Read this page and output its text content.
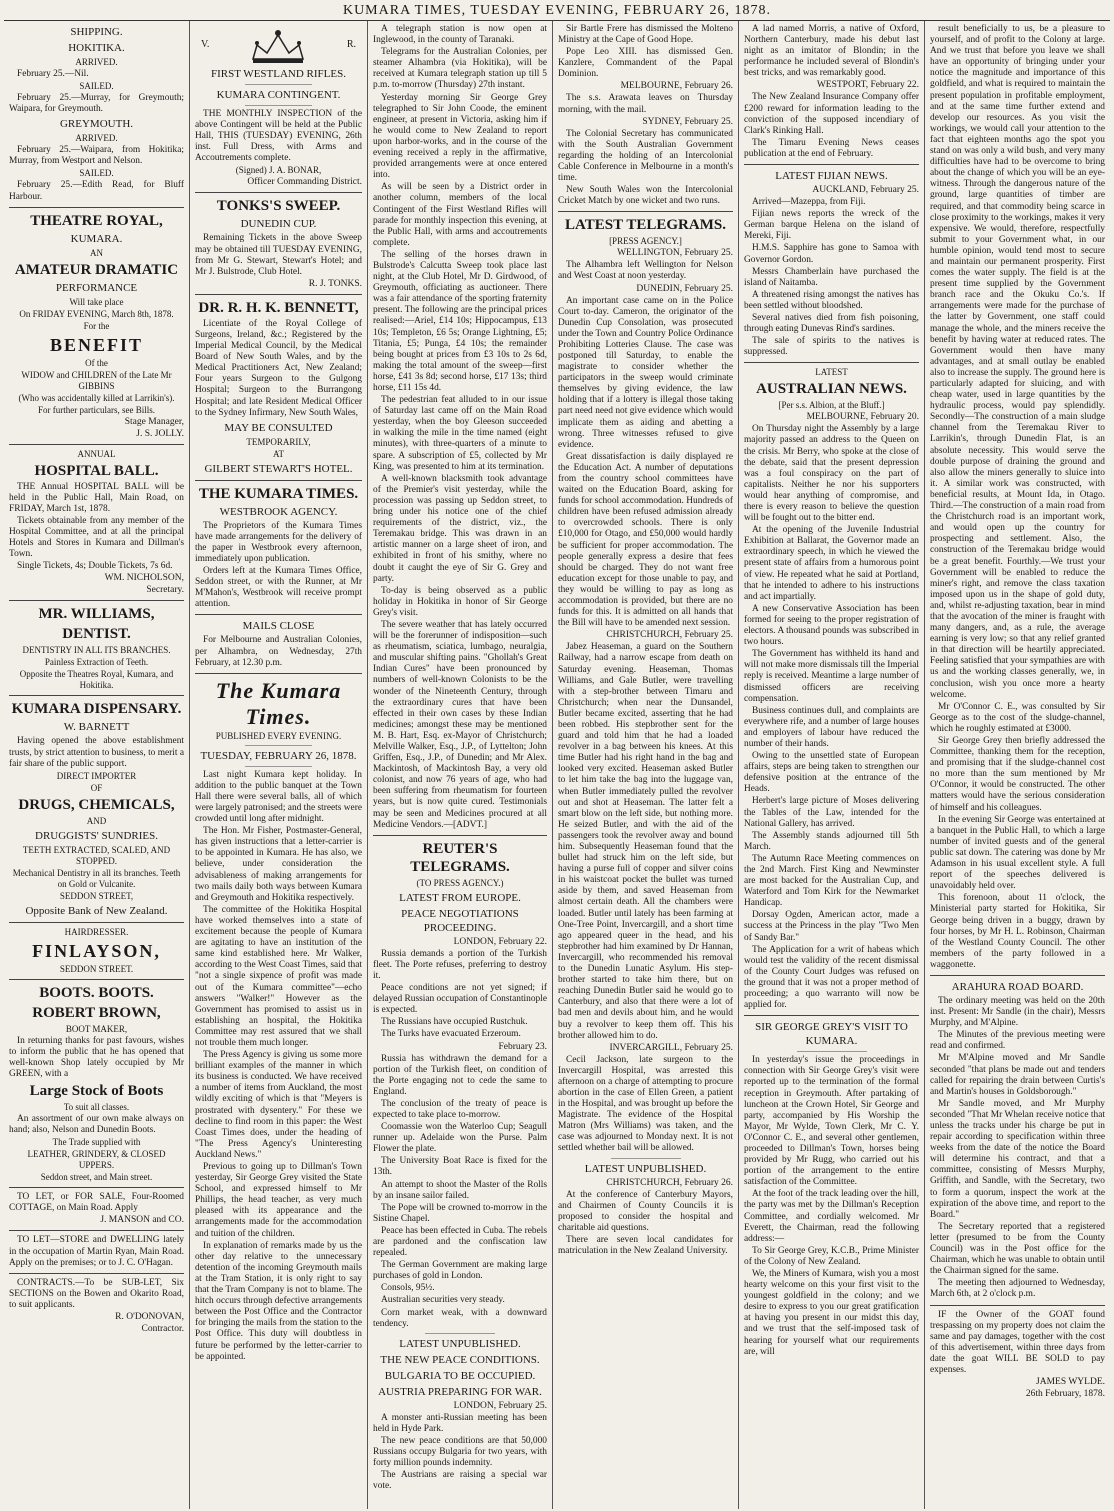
KUMARA TIMES, TUESDAY EVENING, FEBRUARY 26, 1878.
SHIPPING.
HOKITIKA.
ARRIVED.
February 25.—Nil.
SAILED.
February 25.—Murray, for Greymouth; Waipara, for Greymouth.
GREYMOUTH.
ARRIVED.
February 25.—Waipara, from Hokitika; Murray, from Westport and Nelson.
SAILED.
February 25.—Edith Read, for Bluff Harbour.
THEATRE ROYAL,
KUMARA.
AN
AMATEUR DRAMATIC
PERFORMANCE
Will take place
On FRIDAY EVENING, March 8th, 1878.
For the
BENEFIT
Of the
WIDOW and CHILDREN of the Late Mr GIBBINS
(Who was accidentally killed at Larrikin's).
For further particulars, see Bills.
Stage Manager,
J. S. JOLLY.
ANNUAL
HOSPITAL BALL.
THE Annual HOSPITAL BALL will be held in the Public Hall, Main Road, on FRIDAY, March 1st, 1878.
Tickets obtainable from any member of the Hospital Committee, and at all the principal Hotels and Stores in Kumara and Dillman's Town.
Single Tickets, 4s; Double Tickets, 7s 6d.
WM. NICHOLSON,
Secretary.
MR. WILLIAMS,
DENTIST.
DENTISTRY IN ALL ITS BRANCHES.
Painless Extraction of Teeth.
Opposite the Theatres Royal, Kumara, and Hokitika.
KUMARA DISPENSARY.
W. BARNETT
Having opened the above establishment trusts, by strict attention to business, to merit a fair share of the public support.
DIRECT IMPORTER
OF
DRUGS, CHEMICALS,
AND
DRUGGISTS' SUNDRIES.
TEETH EXTRACTED, SCALED, AND STOPPED.
Mechanical Dentistry in all its branches. Teeth on Gold or Vulcanite.
SEDDON STREET,
Opposite Bank of New Zealand.
HAIRDRESSER.
FINLAYSON,
SEDDON STREET.
BOOTS. BOOTS.
ROBERT BROWN,
BOOT MAKER,
In returning thanks for past favours, wishes to inform the public that he has opened that well-known Shop lately occupied by Mr GREEN, with a
Large Stock of Boots
To suit all classes.
An assortment of our own make always on hand; also, Nelson and Dunedin Boots.
The Trade supplied with
LEATHER, GRINDERY, & CLOSED UPPERS.
Seddon street, and Main street.
TO LET, or FOR SALE, Four-Roomed COTTAGE, on Main Road. Apply
J. MANSON and CO.
TO LET—STORE and DWELLING lately in the occupation of Martin Ryan, Main Road. Apply on the premises; or to J. C. O'Hagan.
CONTRACTS.—To be SUB-LET, Six SECTIONS on the Bowen and Okarito Road, to suit applicants.
R. O'DONOVAN,
Contractor.
V.	R.
FIRST WESTLAND RIFLES.
KUMARA CONTINGENT.
THE MONTHLY INSPECTION of the above Contingent will be held at the Public Hall, THIS (TUESDAY) EVENING, 26th inst. Full Dress, with Arms and Accoutrements complete.
(Signed) J. A. BONAR,
Officer Commanding District.
TONKS'S SWEEP.
DUNEDIN CUP.
Remaining Tickets in the above Sweep may be obtained till TUESDAY EVENING, from Mr G. Stewart, Stewart's Hotel; and Mr J. Bulstrode, Club Hotel.
R. J. TONKS.
DR. R. H. K. BENNETT,
Licentiate of the Royal College of Surgeons, Ireland, &c.; Registered by the Imperial Medical Council, by the Medical Board of New South Wales, and by the Medical Practitioners Act, New Zealand; Four years Surgeon to the Gulgong Hospital; Surgeon to the Burrangong Hospital; and late Resident Medical Officer to the Sydney Infirmary, New South Wales,
MAY BE CONSULTED
TEMPORARILY,
AT
GILBERT STEWART'S HOTEL.
THE KUMARA TIMES.
WESTBROOK AGENCY.
The Proprietors of the Kumara Times have made arrangements for the delivery of the paper in Westbrook every afternoon, immediately upon publication.
Orders left at the Kumara Times Office, Seddon street, or with the Runner, at Mr M'Mahon's, Westbrook will receive prompt attention.
MAILS CLOSE
For Melbourne and Australian Colonies, per Alhambra, on Wednesday, 27th February, at 12.30 p.m.
The Kumara Times.
PUBLISHED EVERY EVENING.
TUESDAY, FEBRUARY 26, 1878.
Last night Kumara kept holiday. In addition to the public banquet at the Town Hall there were several balls, all of which were largely patronised; and the streets were crowded until long after midnight.
The Hon. Mr Fisher, Postmaster-General, has given instructions that a letter-carrier is to be appointed in Kumara. He has also, we believe, under consideration the advisableness of making arrangements for two mails daily both ways between Kumara and Greymouth and Hokitika respectively.
The committee of the Hokitika Hospital have worked themselves into a state of excitement because the people of Kumara are agitating to have an institution of the same kind established here. Mr Walker, according to the West Coast Times, said that "not a single sixpence of profit was made out of the Kumara committee"—echo answers "Walker!" However as the Government has promised to assist us in establishing an hospital, the Hokitika Committee may rest assured that we shall not trouble them much longer.
The Press Agency is giving us some more brilliant examples of the manner in which its business is conducted. We have received a number of items from Auckland, the most wildly exciting of which is that "Meyers is prostrated with dysentery." For these we decline to find room in this paper: the West Coast Times does, under the heading of "The Press Agency's Uninteresting Auckland News."
Previous to going up to Dillman's Town yesterday, Sir George Grey visited the State School, and expressed himself to Mr Phillips, the head teacher, as very much pleased with its appearance and the arrangements made for the accommodation and tuition of the children.
In explanation of remarks made by us the other day relative to the unnecessary detention of the incoming Greymouth mails at the Tram Station, it is only right to say that the Tram Company is not to blame. The hitch occurs through defective arrangements between the Post Office and the Contractor for bringing the mails from the station to the Post Office. This duty will doubtless in future be performed by the letter-carrier to be appointed.
A telegraph station is now open at Inglewood, in the county of Taranaki.
Telegrams for the Australian Colonies, per steamer Alhambra (via Hokitika), will be received at Kumara telegraph station up till 5 p.m. to-morrow (Thursday) 27th instant.
Yesterday morning Sir George Grey telegraphed to Sir John Coode, the eminent engineer, at present in Victoria, asking him if he would come to New Zealand to report upon harbor-works, and in the course of the evening received a reply in the affirmative, provided arrangements were at once entered into.
As will be seen by a District order in another column, members of the local Contingent of the First Westland Rifles will parade for monthly inspection this evening, at the Public Hall, with arms and accoutrements complete.
The selling of the horses drawn in Bulstrode's Calcutta Sweep took place last night, at the Club Hotel, Mr D. Girdwood, of Greymouth, officiating as auctioneer. There was a fair attendance of the sporting fraternity present. The following are the principal prices realised:—Ariel, £14 10s; Hippocampus, £13 10s; Templeton, £6 5s; Orange Lightning, £5; Titania, £5; Punga, £4 10s; the remainder being bought at prices from £3 10s to 2s 6d, making the total amount of the sweep—first horse, £41 3s 8d; second horse, £17 13s; third horse, £11 15s 4d.
The pedestrian feat alluded to in our issue of Saturday last came off on the Main Road yesterday, when the boy Gleeson succeeded in walking the mile in the time named (eight minutes), with three-quarters of a minute to spare. A subscription of £5, collected by Mr King, was presented to him at its termination.
A well-known blacksmith took advantage of the Premier's visit yesterday, while the procession was passing up Seddon street, to bring under his notice one of the chief requirements of the district, viz., the Teremakau bridge. This was drawn in an artistic manner on a large sheet of iron, and exhibited in front of his smithy, where no doubt it caught the eye of Sir G. Grey and party.
To-day is being observed as a public holiday in Hokitika in honor of Sir George Grey's visit.
The severe weather that has lately occurred will be the forerunner of indisposition—such as rheumatism, sciatica, lumbago, neuralgia, and muscular shifting pains. "Ghollah's Great Indian Cures" have been pronounced by numbers of well-known Colonists to be the wonder of the Nineteenth Century, through the extraordinary cures that have been effected in their own cases by these Indian medicines; amongst these may be mentioned M. B. Hart, Esq. ex-Mayor of Christchurch; Melville Walker, Esq., J.P., of Lyttelton; John Griffen, Esq., J.P., of Dunedin; and Mr Alex. Mackintosh, of Mackintosh Bay, a very old colonist, and now 76 years of age, who had been suffering from rheumatism for fourteen years, but is now quite cured. Testimonials may be seen and Medicines procured at all Medicine Vendors.—[ADVT.]
REUTER'S TELEGRAMS.
(TO PRESS AGENCY.)
LATEST FROM EUROPE.
PEACE NEGOTIATIONS PROCEEDING.
LONDON, February 22.
Russia demands a portion of the Turkish fleet. The Porte refuses, preferring to destroy it.
Peace conditions are not yet signed; if delayed Russian occupation of Constantinople is expected.
The Russians have occupied Rustchuk.
The Turks have evacuated Erzeroum.
February 23.
Russia has withdrawn the demand for a portion of the Turkish fleet, on condition of the Porte engaging not to cede the same to England.
The conclusion of the treaty of peace is expected to take place to-morrow.
Coomassie won the Waterloo Cup; Seagull runner up. Adelaide won the Purse. Palm Flower the plate.
The University Boat Race is fixed for the 13th.
An attempt to shoot the Master of the Rolls by an insane sailor failed.
The Pope will be crowned to-morrow in the Sistine Chapel.
Peace has been effected in Cuba. The rebels are pardoned and the confiscation law repealed.
The German Government are making large purchases of gold in London.
Consols, 95½.
Australian securities very steady.
Corn market weak, with a downward tendency.
LATEST UNPUBLISHED.
THE NEW PEACE CONDITIONS.
BULGARIA TO BE OCCUPIED.
AUSTRIA PREPARING FOR WAR.
LONDON, February 25.
A monster anti-Russian meeting has been held in Hyde Park.
The new peace conditions are that 50,000 Russians occupy Bulgaria for two years, with forty million pounds indemnity.
The Austrians are raising a special war vote.
Sir Bartle Frere has dismissed the Molteno Ministry at the Cape of Good Hope.
Pope Leo XIII. has dismissed Gen. Kanzlere, Commandent of the Papal Dominion.
MELBOURNE, February 26.
The s.s. Arawata leaves on Thursday morning, with the mail.
SYDNEY, February 25.
The Colonial Secretary has communicated with the South Australian Government regarding the holding of an Intercolonial Cable Conference in Melbourne in a month's time.
New South Wales won the Intercolonial Cricket Match by one wicket and two runs.
LATEST TELEGRAMS.
[PRESS AGENCY.]
WELLINGTON, February 25.
The Alhambra left Wellington for Nelson and West Coast at noon yesterday.
DUNEDIN, February 25.
An important case came on in the Police Court to-day. Cameron, the originator of the Dunedin Cup Consolation, was prosecuted under the Town and Country Police Ordinance Prohibiting Lotteries Clause. The case was postponed till Saturday, to enable the magistrate to consider whether the participators in the sweep would criminate themselves by giving evidence, the law holding that if a lottery is illegal those taking part need need not give evidence which would implicate them as aiding and abetting a wrong. Three witnesses refused to give evidence.
Great dissatisfaction is daily displayed re the Education Act. A number of deputations from the country school committees have waited on the Education Board, asking for funds for school accommodation. Hundreds of children have been refused admission already to overcrowded schools. There is only £10,000 for Otago, and £50,000 would hardly be sufficient for proper accommodation. The people generally express a desire that fees should be charged. They do not want free education except for those unable to pay, and they would be willing to pay as long as accommodation is provided, but there are no funds for this. It is admitted on all hands that the Bill will have to be amended next session.
CHRISTCHURCH, February 25.
Jabez Heaseman, a guard on the Southern Railway, had a narrow escape from death on Saturday evening. Heaseman, Thomas Williams, and Gale Butler, were travelling with a step-brother between Timaru and Christchurch; when near the Dunsandel, Butler became excited, asserting that he had been robbed. His stepbrother sent for the guard and told him that he had a loaded revolver in a bag between his knees. At this time Butler had his right hand in the bag and looked very excited. Heaseman asked Butler to let him take the bag into the luggage van, when Butler immediately pulled the revolver out and shot at Heaseman. The latter felt a smart blow on the left side, but nothing more. He seized Butler, and with the aid of the passengers took the revolver away and bound him. Subsequently Heaseman found that the bullet had struck him on the left side, but having a purse full of copper and silver coins in his waistcoat pocket the bullet was turned aside by them, and saved Heaseman from almost certain death. All the chambers were loaded. Butler until lately has been farming at One-Tree Point, Invercargill, and a short time ago appeared queer in the head, and his stepbrother had him examined by Dr Hannan, Invercargill, who recommended his removal to the Dunedin Lunatic Asylum. His step-brother started to take him there, but on reaching Dunedin Butler said he would go to Canterbury, and also that there were a lot of bad men and devils about him, and he would buy a revolver to keep them off. This his brother allowed him to do.
INVERCARGILL, February 25.
Cecil Jackson, late surgeon to the Invercargill Hospital, was arrested this afternoon on a charge of attempting to procure abortion in the case of Ellen Green, a patient in the Hospital, and was brought up before the Magistrate. The evidence of the Hospital Matron (Mrs Williams) was taken, and the case was adjourned to Monday next. It is not settled whether bail will be allowed.
LATEST UNPUBLISHED.
CHRISTCHURCH, February 26.
At the conference of Canterbury Mayors, and Chairmen of County Councils it is proposed to consider the hospital and charitable aid questions.
There are seven local candidates for matriculation in the New Zealand University.
A lad named Morris, a native of Oxford, Northern Canterbury, made his debut last night as an imitator of Blondin; in the performance he included several of Blondin's best tricks, and was remarkably good.
WESTPORT, February 22.
The New Zealand Insurance Company offer £200 reward for information leading to the conviction of the supposed incendiary of Clark's Rinking Hall.
The Timaru Evening News ceases publication at the end of February.
LATEST FIJIAN NEWS.
AUCKLAND, February 25.
Arrived—Mazeppa, from Fiji.
Fijian news reports the wreck of the German barque Helena on the island of Mereki, Fiji.
H.M.S. Sapphire has gone to Samoa with Governor Gordon.
Messrs Chamberlain have purchased the island of Naitamba.
A threatened rising amongst the natives has been settled without bloodshed.
Several natives died from fish poisoning, through eating Dunevas Rind's sardines.
The sale of spirits to the natives is suppressed.
LATEST
AUSTRALIAN NEWS.
[Per s.s. Albion, at the Bluff.]
MELBOURNE, February 20.
On Thursday night the Assembly by a large majority passed an address to the Queen on the crisis. Mr Berry, who spoke at the close of the debate, said that the present depression was a foul conspiracy on the part of capitalists. Neither he nor his supporters would hear anything of compromise, and there is every reason to believe the question will be fought out to the bitter end.
At the opening of the Juvenile Industrial Exhibition at Ballarat, the Governor made an extraordinary speech, in which he viewed the present state of affairs from a humorous point of view. He repeated what he said at Portland, that he intended to adhere to his instructions and act impartially.
A new Conservative Association has been formed for seeing to the proper registration of electors. A thousand pounds was subscribed in two hours.
The Government has withheld its hand and will not make more dismissals till the Imperial reply is received. Meantime a large number of dismissed officers are receiving compensation.
Business continues dull, and complaints are everywhere rife, and a number of large houses and employers of labour have reduced the number of their hands.
Owing to the unsettled state of European affairs, steps are being taken to strengthen our defensive position at the entrance of the Heads.
Herbert's large picture of Moses delivering the Tables of the Law, intended for the National Gallery, has arrived.
The Assembly stands adjourned till 5th March.
The Autumn Race Meeting commences on the 2nd March. First King and Newminster are most backed for the Australian Cup, and Waterford and Tom Kirk for the Newmarket Handicap.
Dorsay Ogden, American actor, made a success at the Princess in the play "Two Men of Sandy Bar."
The Application for a writ of habeas which would test the validity of the recent dismissal of the County Court Judges was refused on the ground that it was not a proper method of proceeding; a quo warranto will now be applied for.
SIR GEORGE GREY'S VISIT TO KUMARA.
In yesterday's issue the proceedings in connection with Sir George Grey's visit were reported up to the termination of the formal reception in Greymouth. After partaking of luncheon at the Crown Hotel, Sir George and party, accompanied by His Worship the Mayor, Mr Wylde, Town Clerk, Mr C. Y. O'Connor C. E., and several other gentlemen, proceeded to Dillman's Town, horses being provided by Mr Rugg, who carried out his portion of the arrangement to the entire satisfaction of the Committee.
At the foot of the track leading over the hill, the party was met by the Dillman's Reception Committee, and cordially welcomed. Mr Everett, the Chairman, read the following address:—
To Sir George Grey, K.C.B., Prime Minister of the Colony of New Zealand.
We, the Miners of Kumara, wish you a most hearty welcome on this your first visit to the youngest goldfield in the colony; and we desire to express to you our great gratification at having you present in our midst this day, and we trust that the self-imposed task of hearing for yourself what our requirements are, will
result beneficially to us, be a pleasure to yourself, and of profit to the Colony at large. And we trust that before you leave we shall have an opportunity of bringing under your notice the magnitude and importance of this goldfield, and what is required to maintain the present population in profitable employment, and at the same time further extend and develop our resources. As you visit the workings, we would call your attention to the fact that eighteen months ago the spot you stand on was only a wild bush, and very many difficulties have had to be overcome to bring about the change of which you will be an eye-witness. Through the dangerous nature of the ground, large quantities of timber are required, and that commodity being scarce in close proximity to the workings, makes it very expensive. We would, therefore, respectfully submit to your Government what, in our humble opinion, would tend most to secure and maintain our permanent prosperity. First comes the water supply. The field is at the present time supplied by the Government branch race and the Okuku Co.'s. If arrangements were made for the purchase of the latter by Government, one staff could manage the whole, and the miners receive the benefit by having water at reduced rates. The Government would then have many advantages, and at small outlay be enabled also to increase the supply. The ground here is particularly adapted for sluicing, and with cheap water, used in large quantities by the hydraulic process, would pay splendidly. Secondly—The construction of a main sludge channel from the Teremakau River to Larrikin's, through Dunedin Flat, is an absolute necessity. This would serve the double purpose of draining the ground and also allow the miners generally to sluice into it. A similar work was constructed, with beneficial results, at Mount Ida, in Otago. Third.—The construction of a main road from the Christchurch road is an important work, and would open up the country for prospecting and settlement. Also, the construction of the Teremakau bridge would be a great benefit. Fourthly.—We trust your Government will be enabled to reduce the miner's right, and remove the class taxation imposed upon us in the shape of gold duty, and, whilst re-adjusting taxation, bear in mind that the avocation of the miner is fraught with many dangers, and, as a rule, the average earning is very low; so that any relief granted in that direction will be heartily appreciated. Feeling satisfied that your sympathies are with us and the working classes generally, we, in conclusion, wish you once more a hearty welcome.
Mr O'Connor C. E., was consulted by Sir George as to the cost of the sludge-channel, which he roughly estimated at £3000.
Sir George Grey then briefly addressed the Committee, thanking them for the reception, and promising that if the sludge-channel cost no more than the sum mentioned by Mr O'Connor, it would be constructed. The other matters would have the serious consideration of himself and his colleagues.
In the evening Sir George was entertained at a banquet in the Public Hall, to which a large number of invited guests and of the general public sat down. The catering was done by Mr Adamson in his usual excellent style. A full report of the speeches delivered is unavoidably held over.
This forenoon, about 11 o'clock, the Ministerial party started for Hokitika, Sir George being driven in a buggy, drawn by four horses, by Mr H. L. Robinson, Chairman of the Westland County Council. The other members of the party followed in a waggonette.
ARAHURA ROAD BOARD.
The ordinary meeting was held on the 20th inst. Present: Mr Sandle (in the chair), Messrs Murphy, and M'Alpine.
The Minutes of the previous meeting were read and confirmed.
Mr M'Alpine moved and Mr Sandle seconded "that plans be made out and tenders called for repairing the drain between Curtis's and Martin's houses in Goldsborough."
Mr Sandle moved, and Mr Murphy seconded "That Mr Whelan receive notice that unless the tracks under his charge be put in repair according to specification within three weeks from the date of the notice the Board will determine his contract, and that a committee, consisting of Messrs Murphy, Griffith, and Sandle, with the Secretary, two to form a quorum, inspect the work at the expiration of the above time, and report to the Board."
The Secretary reported that a registered letter (presumed to be from the County Council) was in the Post office for the Chairman, which he was unable to obtain until the Chairman signed for the same.
The meeting then adjourned to Wednesday, March 6th, at 2 o'clock p.m.
IF the Owner of the GOAT found trespassing on my property does not claim the same and pay damages, together with the cost of this advertisement, within three days from date the goat WILL BE SOLD to pay expenses.
JAMES WYLDE.
26th February, 1878.
